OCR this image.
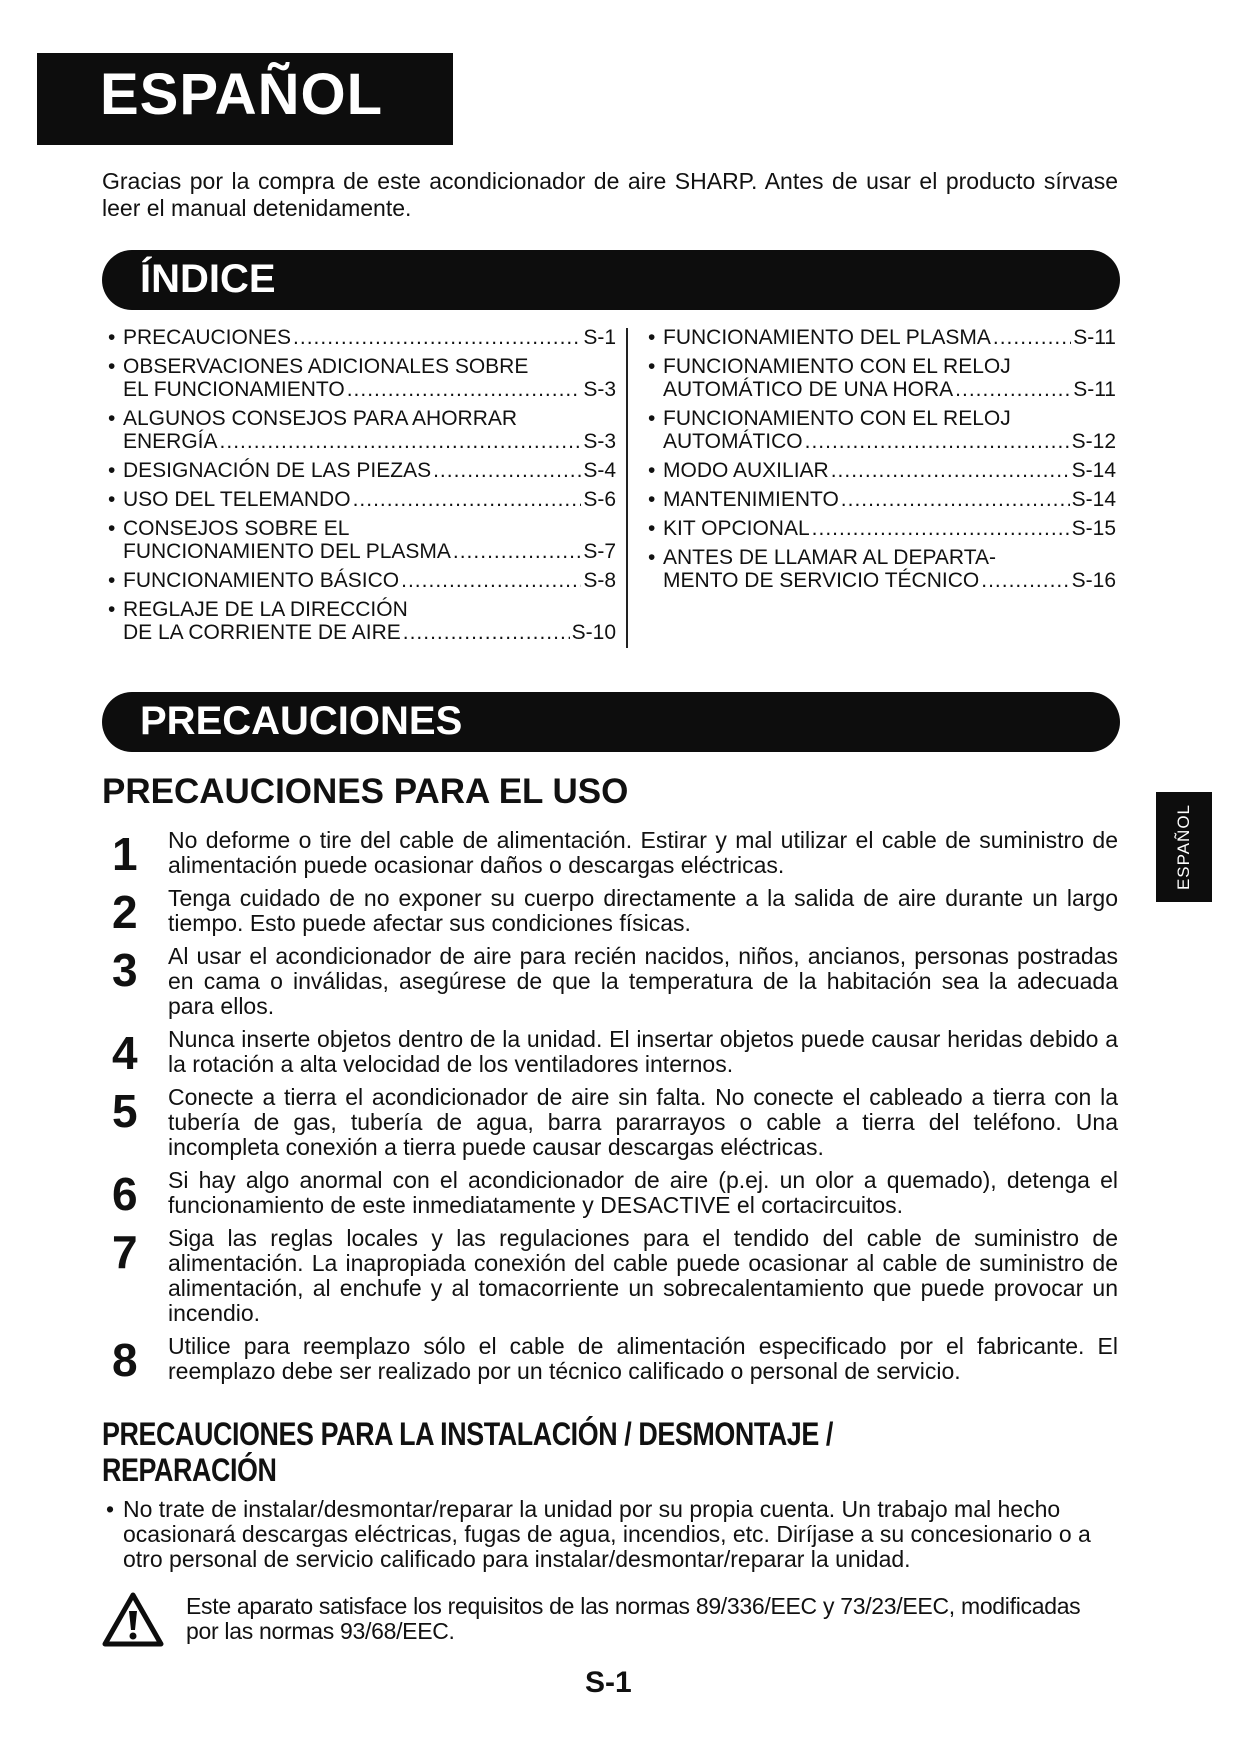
ESPAÑOL
Gracias por la compra de este acondicionador de aire SHARP. Antes de usar el producto sírvase leer el manual detenidamente.
ÍNDICE
• PRECAUCIONES .....	S-1
• OBSERVACIONES ADICIONALES SOBRE
EL FUNCIONAMIENTO .....	S-3
• ALGUNOS CONSEJOS PARA AHORRAR
ENERGÍA .....	S-3
• DESIGNACIÓN DE LAS PIEZAS .....	S-4
• USO DEL TELEMANDO .....	S-6
• CONSEJOS SOBRE EL
FUNCIONAMIENTO DEL PLASMA .....	S-7
• FUNCIONAMIENTO BÁSICO .....	S-8
• REGLAJE DE LA DIRECCIÓN
DE LA CORRIENTE DE AIRE .....	S-10
• FUNCIONAMIENTO DEL PLASMA .....	S-11
• FUNCIONAMIENTO CON EL RELOJ
AUTOMÁTICO DE UNA HORA .....	S-11
• FUNCIONAMIENTO CON EL RELOJ
AUTOMÁTICO .....	S-12
• MODO AUXILIAR .....	S-14
• MANTENIMIENTO .....	S-14
• KIT OPCIONAL .....	S-15
• ANTES DE LLAMAR AL DEPARTA-
MENTO DE SERVICIO TÉCNICO .....	S-16
PRECAUCIONES
PRECAUCIONES PARA EL USO
1 No deforme o tire del cable de alimentación. Estirar y mal utilizar el cable de suministro de alimentación puede ocasionar daños o descargas eléctricas.
2 Tenga cuidado de no exponer su cuerpo directamente a la salida de aire durante un largo tiempo. Esto puede afectar sus condiciones físicas.
3 Al usar el acondicionador de aire para recién nacidos, niños, ancianos, personas postradas en cama o inválidas, asegúrese de que la temperatura de la habitación sea la adecuada para ellos.
4 Nunca inserte objetos dentro de la unidad. El insertar objetos puede causar heridas debido a la rotación a alta velocidad de los ventiladores internos.
5 Conecte a tierra el acondicionador de aire sin falta. No conecte el cableado a tierra con la tubería de gas, tubería de agua, barra pararrayos o cable a tierra del teléfono. Una incompleta conexión a tierra puede causar descargas eléctricas.
6 Si hay algo anormal con el acondicionador de aire (p.ej. un olor a quemado), detenga el funcionamiento de este inmediatamente y DESACTIVE el cortacircuitos.
7 Siga las reglas locales y las regulaciones para el tendido del cable de suministro de alimentación. La inapropiada conexión del cable puede ocasionar al cable de suministro de alimentación, al enchufe y al tomacorriente un sobrecalentamiento que puede provocar un incendio.
8 Utilice para reemplazo sólo el cable de alimentación especificado por el fabricante. El reemplazo debe ser realizado por un técnico calificado o personal de servicio.
PRECAUCIONES PARA LA INSTALACIÓN / DESMONTAJE /
REPARACIÓN
• No trate de instalar/desmontar/reparar la unidad por su propia cuenta. Un trabajo mal hecho ocasionará descargas eléctricas, fugas de agua, incendios, etc. Diríjase a su concesionario o a otro personal de servicio calificado para instalar/desmontar/reparar la unidad.
Este aparato satisface los requisitos de las normas 89/336/EEC y 73/23/EEC, modificadas por las normas 93/68/EEC.
S-1
ESPAÑOL
